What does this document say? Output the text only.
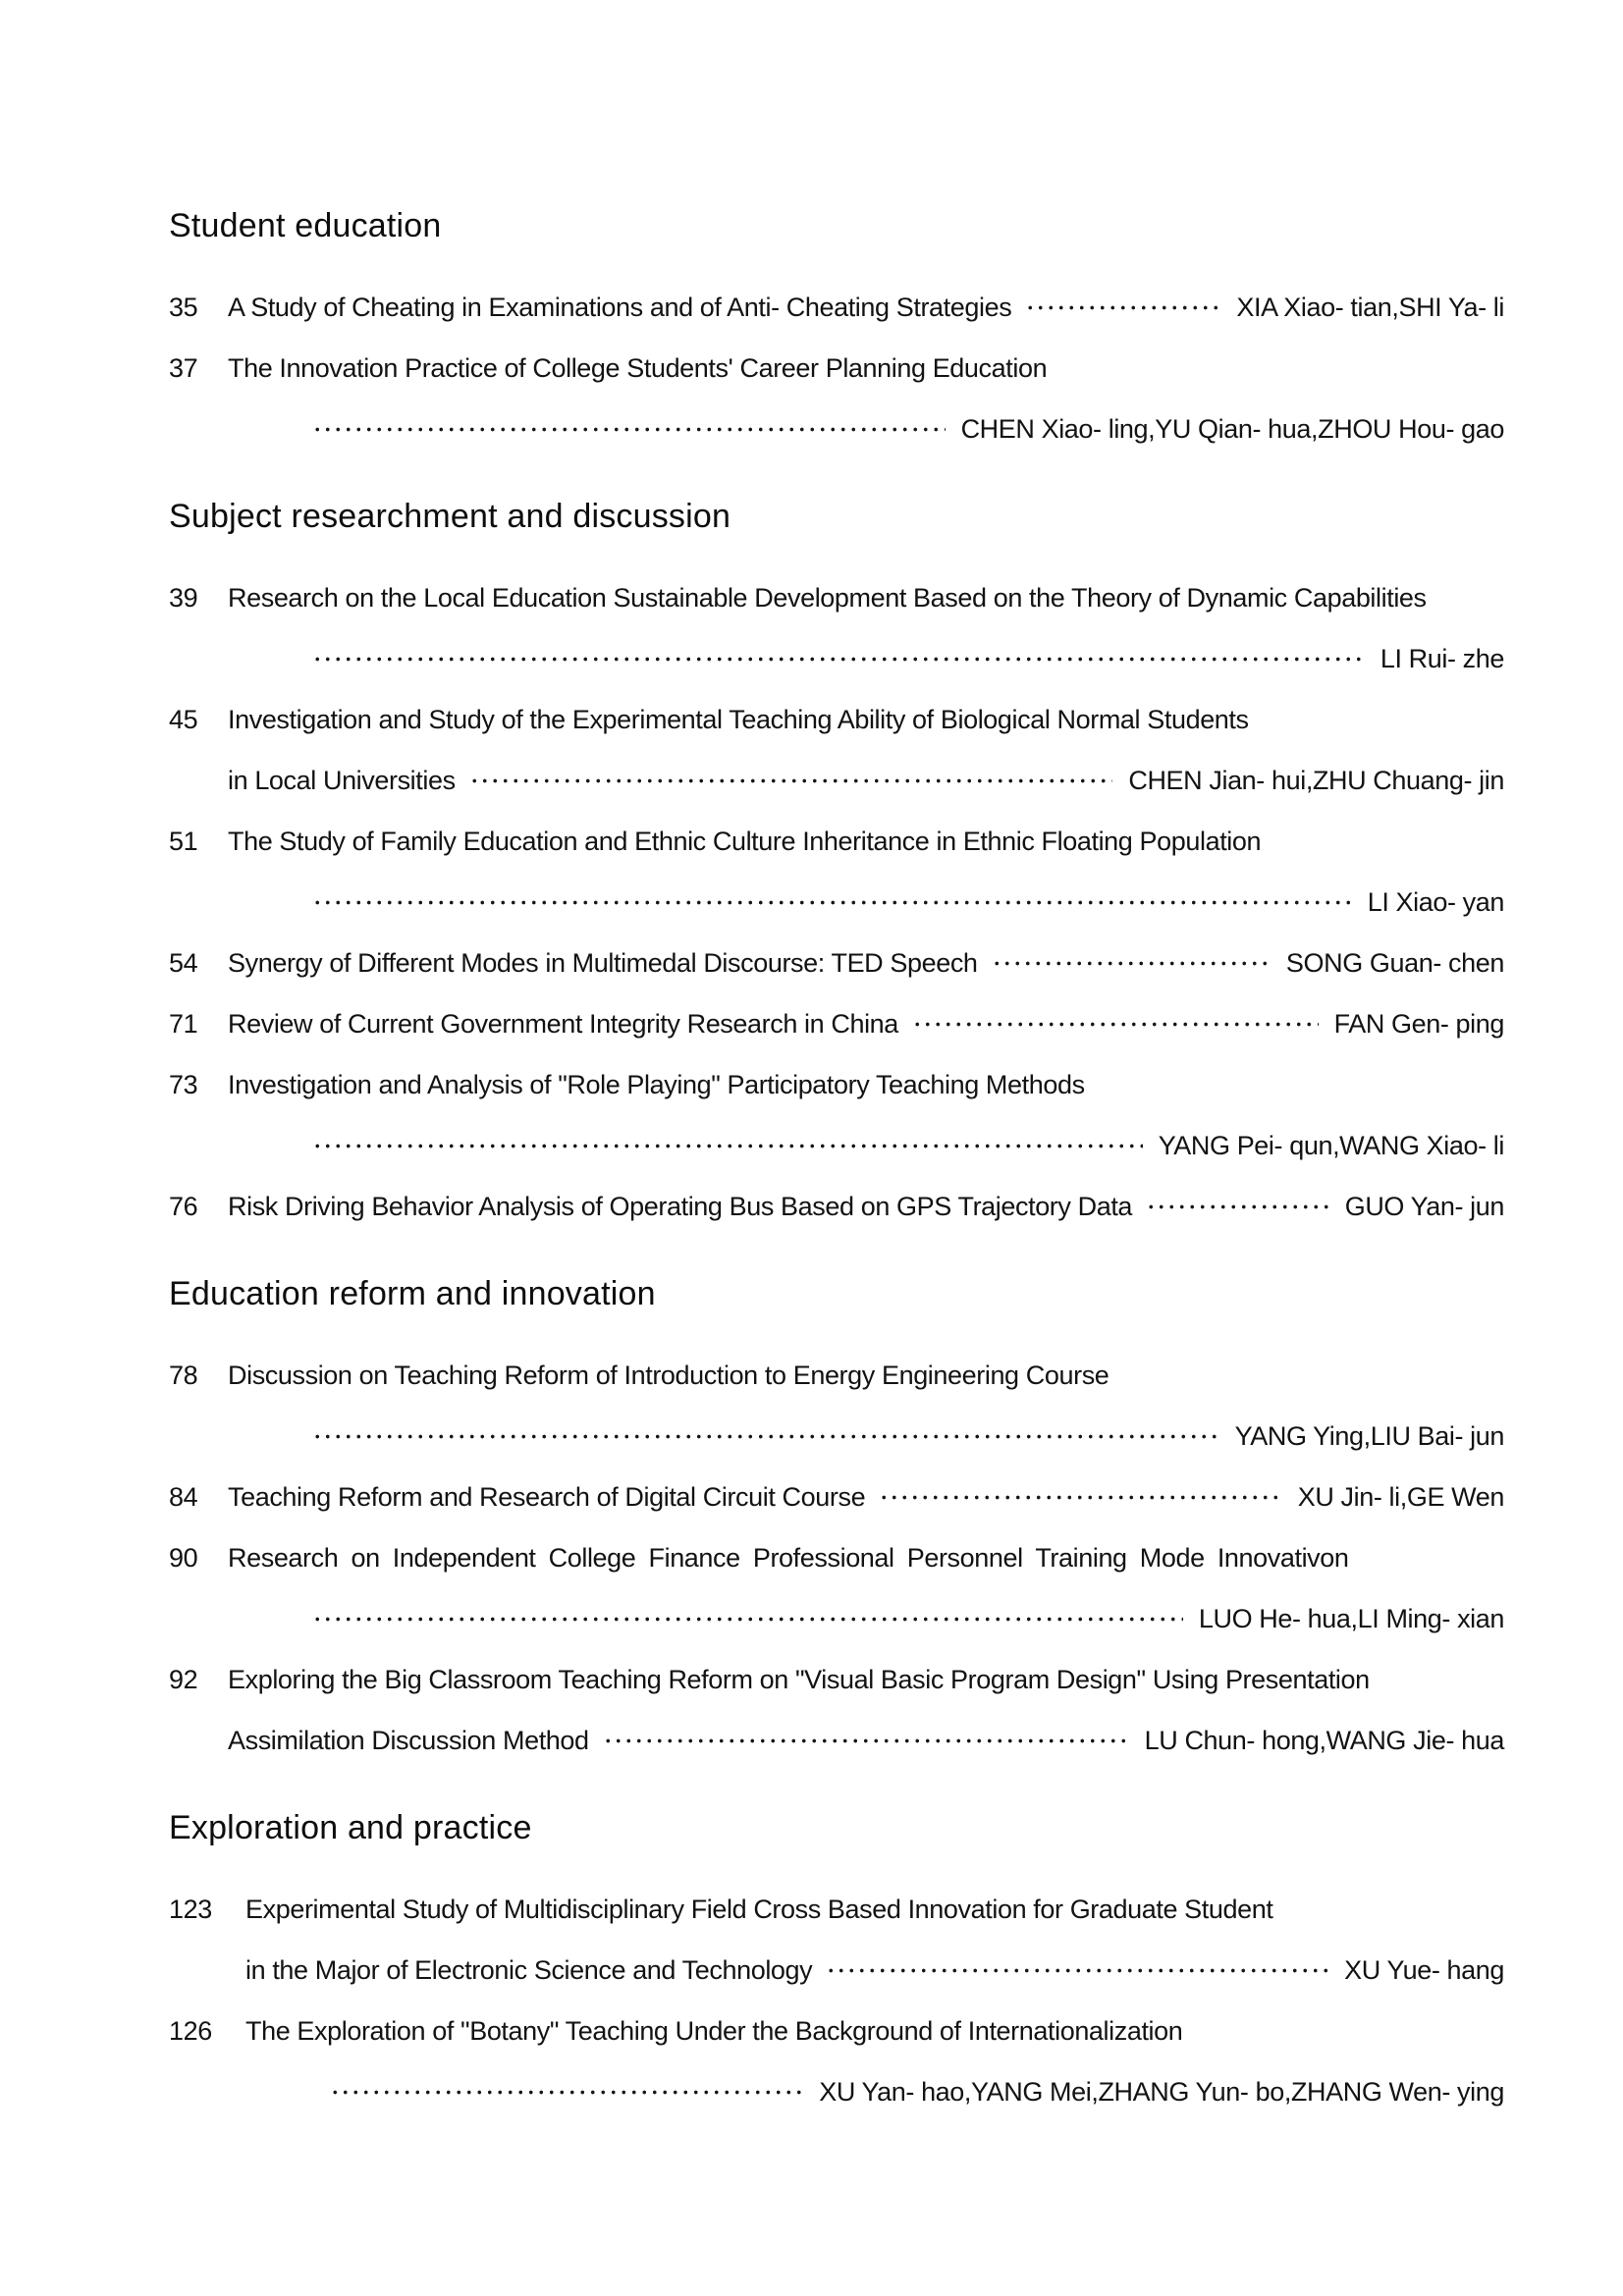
Student education
35	A Study of Cheating in Examinations and of Anti- Cheating Strategies	XIA Xiao- tian,SHI Ya- li
37	The Innovation Practice of College Students' Career Planning Education
CHEN Xiao- ling,YU Qian- hua,ZHOU Hou- gao
Subject researchment and discussion
39	Research on the Local Education Sustainable Development Based on the Theory of Dynamic Capabilities
LI Rui- zhe
45	Investigation and Study of the Experimental Teaching Ability of Biological Normal Students
in Local Universities	CHEN Jian- hui,ZHU Chuang- jin
51	The Study of Family Education and Ethnic Culture Inheritance in Ethnic Floating Population
LI Xiao- yan
54	Synergy of Different Modes in Multimedal Discourse: TED Speech	SONG Guan- chen
71	Review of Current Government Integrity Research in China	FAN Gen- ping
73	Investigation and Analysis of "Role Playing" Participatory Teaching Methods
YANG Pei- qun,WANG Xiao- li
76	Risk Driving Behavior Analysis of Operating Bus Based on GPS Trajectory Data	GUO Yan- jun
Education reform and innovation
78	Discussion on Teaching Reform of Introduction to Energy Engineering Course
YANG Ying,LIU Bai- jun
84	Teaching Reform and Research of Digital Circuit Course	XU Jin- li,GE Wen
90	Research on Independent College Finance Professional Personnel Training Mode Innovativon
LUO He- hua,LI Ming- xian
92	Exploring the Big Classroom Teaching Reform on "Visual Basic Program Design" Using Presentation
Assimilation Discussion Method	LU Chun- hong,WANG Jie- hua
Exploration and practice
123	Experimental Study of Multidisciplinary Field Cross Based Innovation for Graduate Student
in the Major of Electronic Science and Technology	XU Yue- hang
126	The Exploration of "Botany" Teaching Under the Background of Internationalization
XU Yan- hao,YANG Mei,ZHANG Yun- bo,ZHANG Wen- ying
